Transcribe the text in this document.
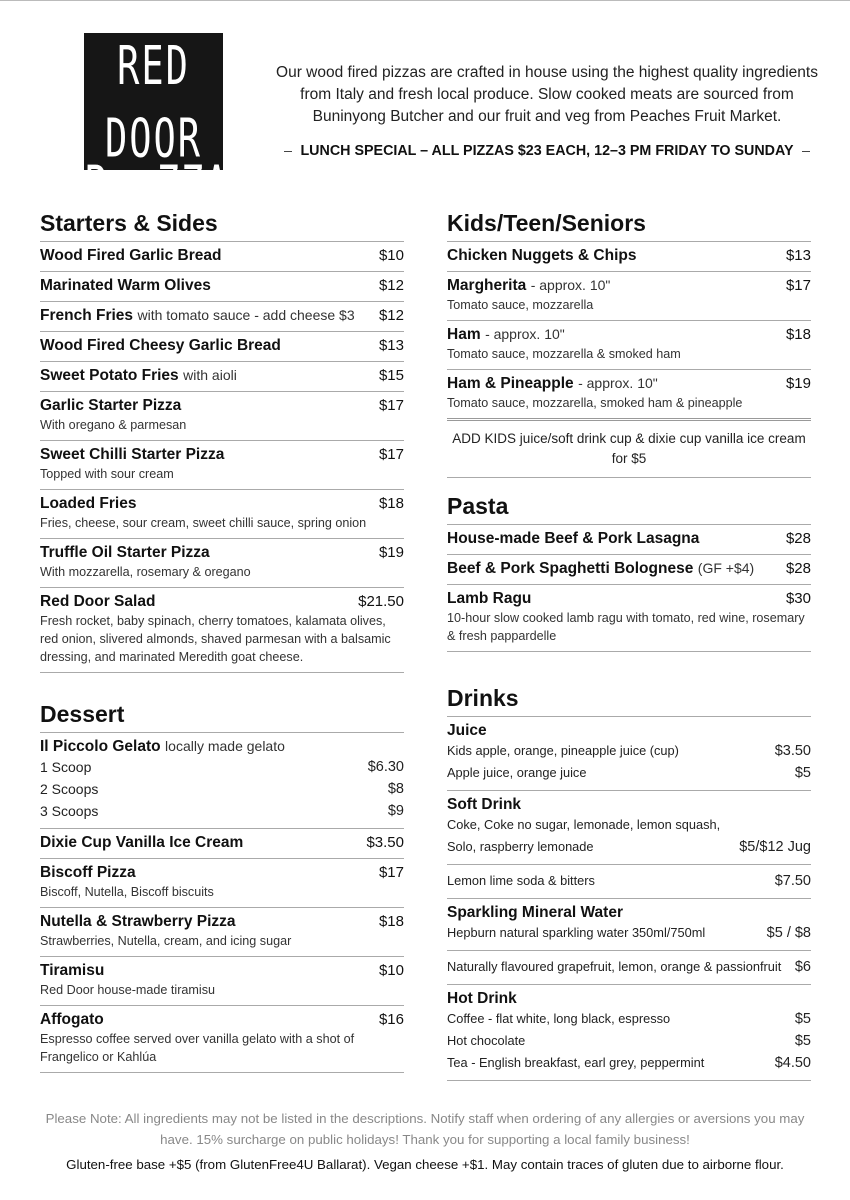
RED DOOR
P__ZZA
Our wood fired pizzas are crafted in house using the highest quality ingredients from Italy and fresh local produce. Slow cooked meats are sourced from Buninyong Butcher and our fruit and veg from Peaches Fruit Market.
LUNCH SPECIAL – ALL PIZZAS $23 EACH, 12–3 PM FRIDAY TO SUNDAY
Starters & Sides
Wood Fired Garlic Bread	$10
Marinated Warm Olives	$12
French Fries with tomato sauce - add cheese $3 $12
Wood Fired Cheesy Garlic Bread	$13
Sweet Potato Fries with aioli	$15
Garlic Starter Pizza	$17
With oregano & parmesan
Sweet Chilli Starter Pizza	$17
Topped with sour cream
Loaded Fries	$18
Fries, cheese, sour cream, sweet chilli sauce, spring onion
Truffle Oil Starter Pizza	$19
With mozzarella, rosemary & oregano
Red Door Salad	$21.50
Fresh rocket, baby spinach, cherry tomatoes, kalamata olives, red onion, slivered almonds, shaved parmesan with a balsamic dressing, and marinated Meredith goat cheese.
Dessert
Il Piccolo Gelato locally made gelato
1 Scoop	$6.30
2 Scoops	$8
3 Scoops	$9
Dixie Cup Vanilla Ice Cream	$3.50
Biscoff Pizza	$17
Biscoff, Nutella, Biscoff biscuits
Nutella & Strawberry Pizza	$18
Strawberries, Nutella, cream, and icing sugar
Tiramisu	$10
Red Door house-made tiramisu
Affogato	$16
Espresso coffee served over vanilla gelato with a shot of Frangelico or Kahlúa
Kids/Teen/Seniors
Chicken Nuggets & Chips	$13
Margherita - approx. 10"	$17
Tomato sauce, mozzarella
Ham - approx. 10"	$18
Tomato sauce, mozzarella & smoked ham
Ham & Pineapple - approx. 10"	$19
Tomato sauce, mozzarella, smoked ham & pineapple
ADD KIDS juice/soft drink cup & dixie cup vanilla ice cream for $5
Pasta
House-made Beef & Pork Lasagna	$28
Beef & Pork Spaghetti Bolognese (GF +$4) $28
Lamb Ragu	$30
10-hour slow cooked lamb ragu with tomato, red wine, rosemary & fresh pappardelle
Drinks
Juice
Kids apple, orange, pineapple juice (cup)	$3.50
Apple juice, orange juice	$5
Soft Drink
Coke, Coke no sugar, lemonade, lemon squash,
Solo, raspberry lemonade	$5/$12 Jug
Lemon lime soda & bitters	$7.50
Sparkling Mineral Water
Hepburn natural sparkling water 350ml/750ml	$5 / $8
Naturally flavoured grapefruit, lemon, orange & passionfruit $6
Hot Drink
Coffee - flat white, long black, espresso	$5
Hot chocolate	$5
Tea - English breakfast, earl grey, peppermint	$4.50
Please Note: All ingredients may not be listed in the descriptions. Notify staff when ordering of any allergies or aversions you may have. 15% surcharge on public holidays! Thank you for supporting a local family business!
Gluten-free base +$5 (from GlutenFree4U Ballarat). Vegan cheese +$1. May contain traces of gluten due to airborne flour.
